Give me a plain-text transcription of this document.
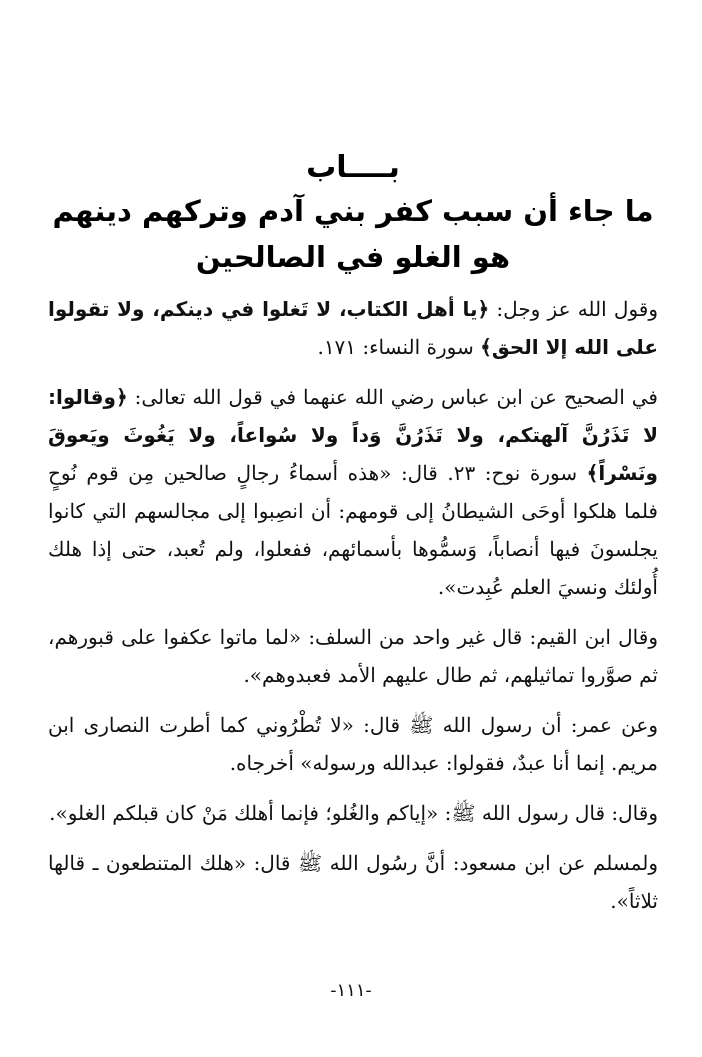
بــــاب
ما جاء أن سبب كفر بني آدم وتركهم دينهم
هو الغلو في الصالحين

وقول الله عز وجل: ﴿يا أهل الكتاب، لا تَغلوا في دينكم، ولا تقولوا على الله إلا الحق﴾ سورة النساء: ١٧١.

في الصحيح عن ابن عباس رضي الله عنهما في قول الله تعالى: ﴿وقالوا: لا تَذَرُنَّ آلهتكم، ولا تَذَرُنَّ وَداً ولا سُواعاً، ولا يَغُوثَ ويَعوقَ ونَسْراً﴾ سورة نوح: ٢٣. قال: «هذه أسماءُ رجالٍ صالحين مِن قوم نُوحٍ فلما هلكوا أوحَى الشيطانُ إلى قومهم: أن انصِبوا إلى مجالسهم التي كانوا يجلسونَ فيها أنصاباً، وَسمُّوها بأسمائهم، ففعلوا، ولم تُعبد، حتى إذا هلك أُولئك ونسيَ العلم عُبِدت».

وقال ابن القيم: قال غير واحد من السلف: «لما ماتوا عكفوا على قبورهم، ثم صوَّروا تماثيلهم، ثم طال عليهم الأمد فعبدوهم».

وعن عمر: أن رسول الله ﷺ قال: «لا تُطْرُوني كما أطرت النصارى ابن مريم. إنما أنا عبدٌ، فقولوا: عبدالله ورسوله» أخرجاه.

وقال: قال رسول الله ﷺ: «إياكم والغُلو؛ فإنما أهلك مَنْ كان قبلكم الغلو».

ولمسلم عن ابن مسعود: أنَّ رسُول الله ﷺ قال: «هلك المتنطعون ـ قالها ثلاثاً».

-١١١-
